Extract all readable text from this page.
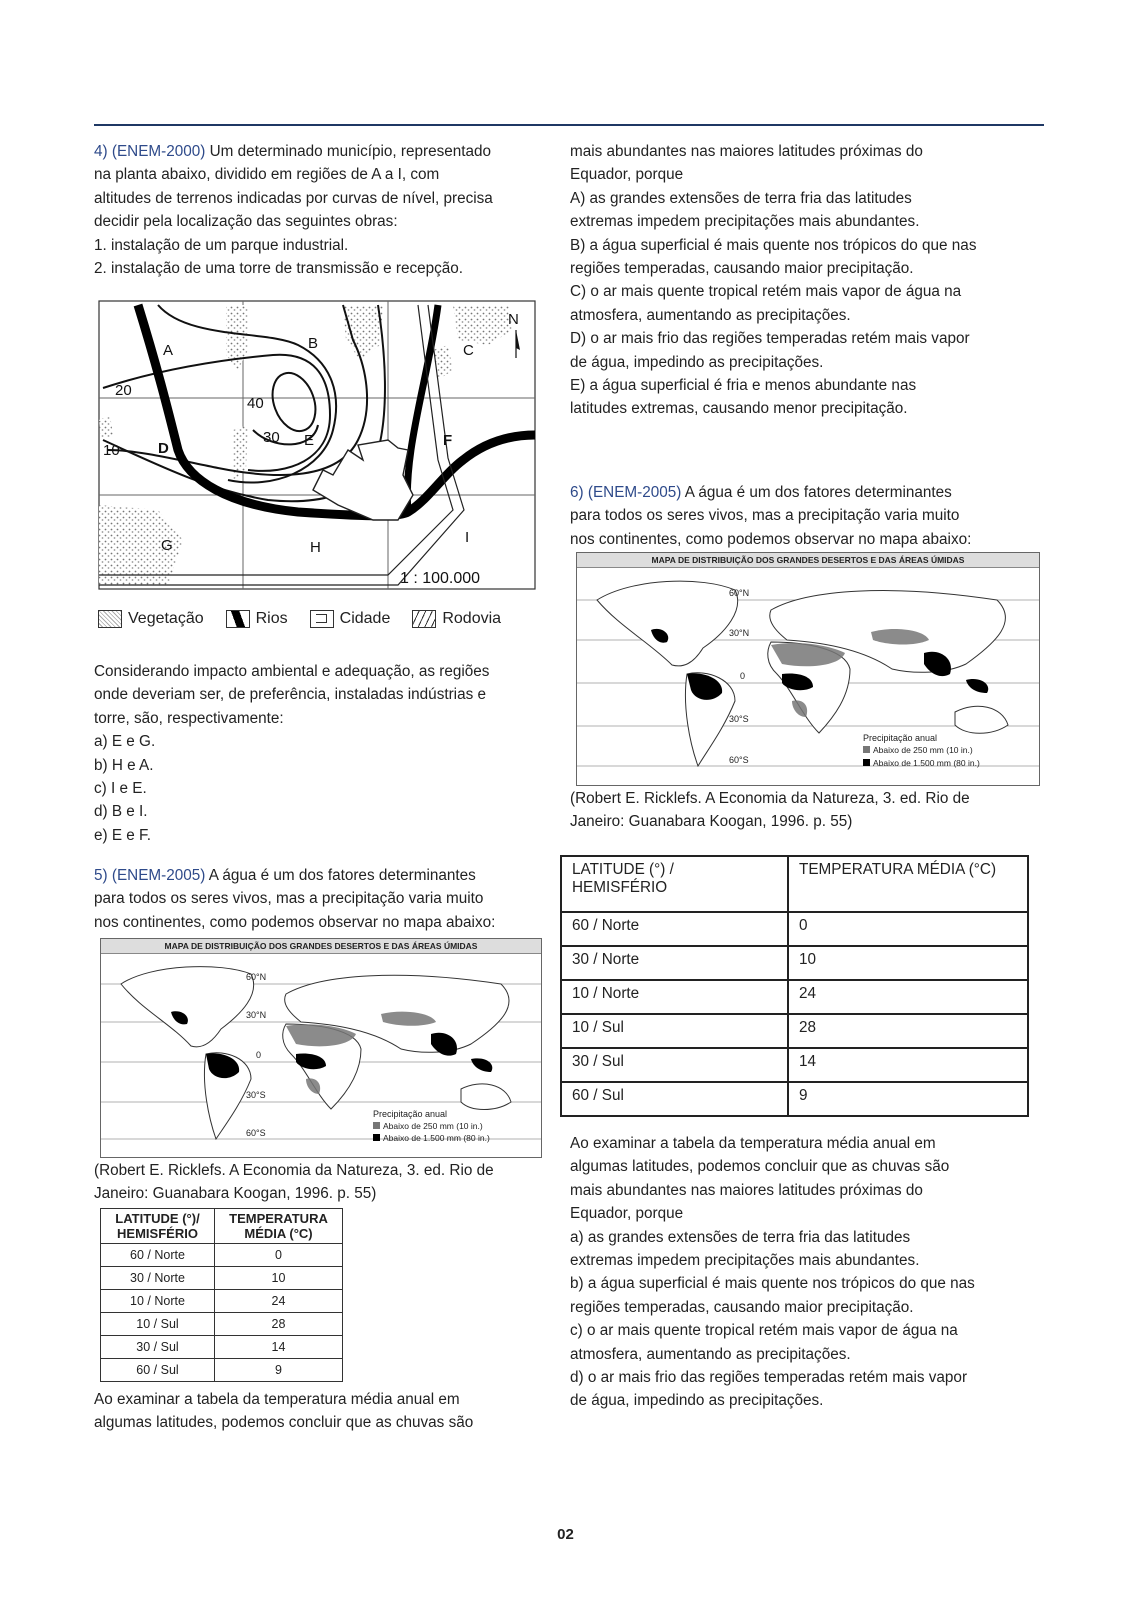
4) (ENEM-2000) Um determinado município, representado

na planta abaixo, dividido em regiões de A a I, com

altitudes de terrenos indicadas por curvas de nível, precisa

decidir pela localização das seguintes obras:

1. instalação de um parque industrial.

2. instalação de uma torre de transmissão e recepção.

A	B	C
D	E	F
G	H
I
20
40
30
10
N
1 : 100.000
Vegetação	Rios	Cidade	Rodovia

Considerando impacto ambiental e adequação, as regiões

onde deveriam ser, de preferência, instaladas indústrias e

torre, são, respectivamente:

a) E e G.

b) H e A.

c) I e E.

d) B e I.

e) E e F.

5) (ENEM-2005) A água é um dos fatores determinantes

para todos os seres vivos, mas a precipitação varia muito

nos continentes, como podemos observar no mapa abaixo:

MAPA DE DISTRIBUIÇÃO DOS GRANDES DESERTOS E DAS ÁREAS ÚMIDAS
60°N
30°N
0
30°S
60°S
Precipitação anual
Abaixo de 250 mm (10 in.)
Abaixo de 1.500 mm (80 in.)

(Robert E. Ricklefs. A Economia da Natureza, 3. ed. Rio de

Janeiro: Guanabara Koogan, 1996. p. 55)

LATITUDE (°)/ HEMISFÉRIO	TEMPERATURA MÉDIA (°C)
60 / Norte	0
30 / Norte	10
10 / Norte	24
10 / Sul	28
30 / Sul	14
60 / Sul	9

Ao examinar a tabela da temperatura média anual em

algumas latitudes, podemos concluir que as chuvas são

mais abundantes nas maiores latitudes próximas do

Equador, porque

A) as grandes extensões de terra fria das latitudes

extremas impedem precipitações mais abundantes.

B) a água superficial é mais quente nos trópicos do que nas

regiões temperadas, causando maior precipitação.

C) o ar mais quente tropical retém mais vapor de água na

atmosfera, aumentando as precipitações.

D) o ar mais frio das regiões temperadas retém mais vapor

de água, impedindo as precipitações.

E) a água superficial é fria e menos abundante nas

latitudes extremas, causando menor precipitação.

6) (ENEM-2005) A água é um dos fatores determinantes

para todos os seres vivos, mas a precipitação varia muito

nos continentes, como podemos observar no mapa abaixo:

MAPA DE DISTRIBUIÇÃO DOS GRANDES DESERTOS E DAS ÁREAS ÚMIDAS
60°N
30°N
0
30°S
60°S
Precipitação anual
Abaixo de 250 mm (10 in.)
Abaixo de 1.500 mm (80 in.)

(Robert E. Ricklefs. A Economia da Natureza, 3. ed. Rio de

Janeiro: Guanabara Koogan, 1996. p. 55)

LATITUDE (°) /
HEMISFÉRIO	TEMPERATURA MÉDIA (°C)
60 / Norte	0
30 / Norte	10
10 / Norte	24
10 / Sul	28
30 / Sul	14
60 / Sul	9

Ao examinar a tabela da temperatura média anual em

algumas latitudes, podemos concluir que as chuvas são

mais abundantes nas maiores latitudes próximas do

Equador, porque

a) as grandes extensões de terra fria das latitudes

extremas impedem precipitações mais abundantes.

b) a água superficial é mais quente nos trópicos do que nas

regiões temperadas, causando maior precipitação.

c) o ar mais quente tropical retém mais vapor de água na

atmosfera, aumentando as precipitações.

d) o ar mais frio das regiões temperadas retém mais vapor

de água, impedindo as precipitações.

02
